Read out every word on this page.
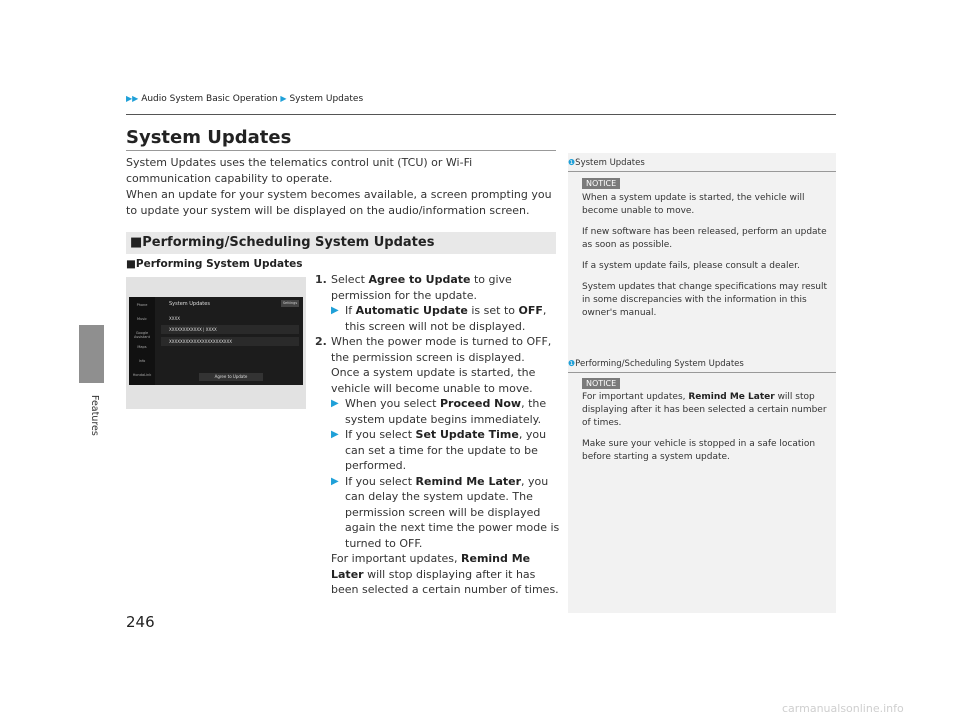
Features
▶▶ Audio System Basic Operation ▶ System Updates
System Updates

System Updates uses the telematics control unit (TCU) or Wi-Fi communication capability to operate.

When an update for your system becomes available, a screen prompting you to update your system will be displayed on the audio/information screen.

■Performing/Scheduling System Updates
■Performing System Updates
Phone
Music
Google Assistant
Maps
Info
HondaLink
System Updates	Settings
XXXX
XXXXXXXXXXXX | XXXX
XXXXXXXXXXXXXXXXXXXXXXX
Agree to Update
1. Select Agree to Update to give permission for the update.
▶ If Automatic Update is set to OFF, this screen will not be displayed.
2. When the power mode is turned to OFF, the permission screen is displayed.
Once a system update is started, the vehicle will become unable to move.
▶ When you select Proceed Now, the system update begins immediately.
▶ If you select Set Update Time, you can set a time for the update to be performed.
▶ If you select Remind Me Later, you can delay the system update. The permission screen will be displayed again the next time the power mode is turned to OFF.
For important updates, Remind Me Later will stop displaying after it has been selected a certain number of times.
❶System Updates
NOTICE

When a system update is started, the vehicle will become unable to move.

If new software has been released, perform an update as soon as possible.

If a system update fails, please consult a dealer.

System updates that change specifications may result in some discrepancies with the information in this owner's manual.

❶Performing/Scheduling System Updates
NOTICE

For important updates, Remind Me Later will stop displaying after it has been selected a certain number of times.

Make sure your vehicle is stopped in a safe location before starting a system update.

246
carmanualsonline.info
